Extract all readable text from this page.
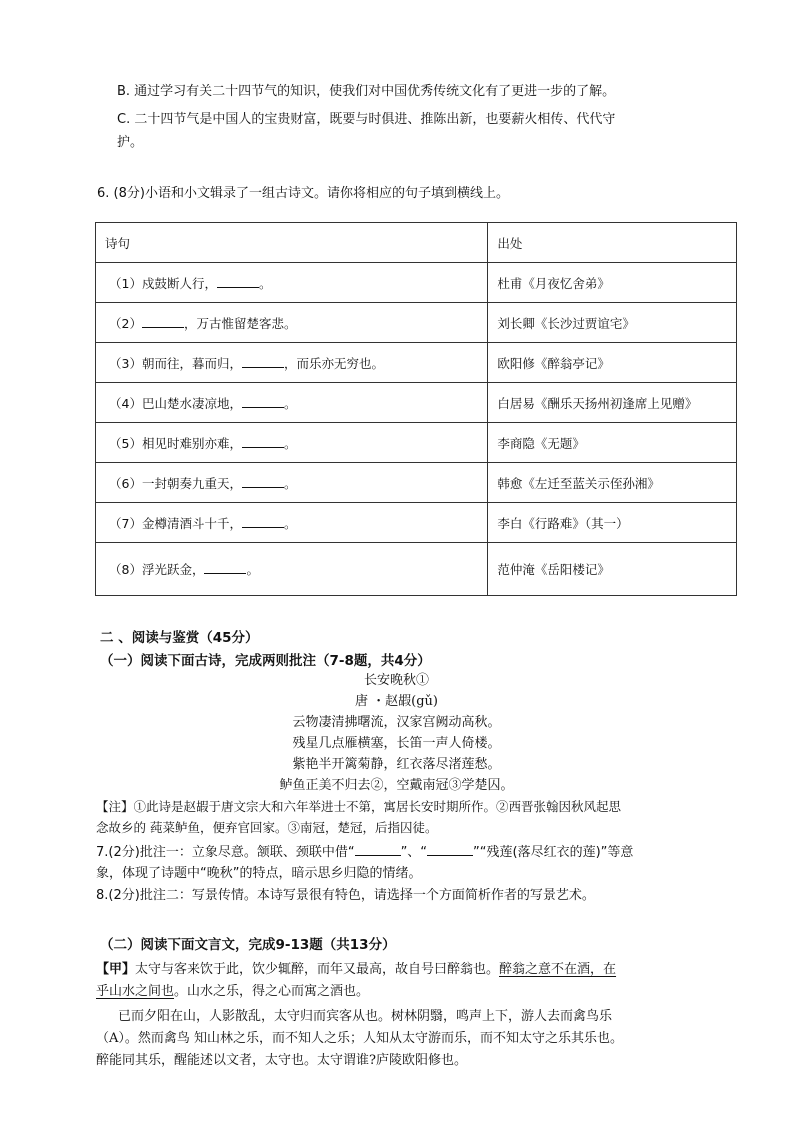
B. 通过学习有关二十四节气的知识，使我们对中国优秀传统文化有了更进一步的了解。
C. 二十四节气是中国人的宝贵财富，既要与时俱进、推陈出新，也要薪火相传、代代守
护。
6. (8分)小语和小文辑录了一组古诗文。请你将相应的句子填到横线上。
诗句	出处
（1）戍鼓断人行， 。	杜甫《月夜忆舍弟》
（2） ，万古惟留楚客悲。	刘长卿《长沙过贾谊宅》
（3）朝而往，暮而归， ，而乐亦无穷也。	欧阳修《醉翁亭记》
（4）巴山楚水凄凉地， 。	白居易《酬乐天扬州初逢席上见赠》
（5）相见时难别亦难， 。	李商隐《无题》
（6）一封朝奏九重天， 。	韩愈《左迁至蓝关示侄孙湘》
（7）金樽清酒斗十千， 。	李白《行路难》（其一）
（8）浮光跃金， 。	范仲淹《岳阳楼记》
二 、阅读与鉴赏（45分）
（一）阅读下面古诗，完成两则批注（7-8题，共4分）
长安晚秋①
唐 ・赵嘏(gǔ)
云物凄清拂曙流，汉家宫阙动高秋。
残星几点雁横塞，长笛一声人倚楼。
紫艳半开篱菊静，红衣落尽渚莲愁。
鲈鱼正美不归去②，空戴南冠③学楚囚。
【注】①此诗是赵嘏于唐文宗大和六年举进士不第，寓居长安时期所作。②西晋张翰因秋风起思
念故乡的 莼菜鲈鱼，便弃官回家。③南冠，楚冠，后指囚徒。
7.(2分)批注一：立象尽意。颔联、颈联中借“	”、“	”“残莲(落尽红衣的莲)”等意
象，体现了诗题中“晚秋”的特点，暗示思乡归隐的情绪。
8.(2分)批注二：写景传情。本诗写景很有特色，请选择一个方面简析作者的写景艺术。
（二）阅读下面文言文，完成9-13题（共13分）
【甲】太守与客来饮于此，饮少辄醉，而年又最高，故自号曰醉翁也。醉翁之意不在酒，在
乎山水之间也。山水之乐，得之心而寓之酒也。
已而夕阳在山，人影散乱，太守归而宾客从也。树林阴翳，鸣声上下，游人去而禽鸟乐
（A）。然而禽鸟 知山林之乐，而不知人之乐；人知从太守游而乐，而不知太守之乐其乐也。
醉能同其乐，醒能述以文者，太守也。太守谓谁?庐陵欧阳修也。
